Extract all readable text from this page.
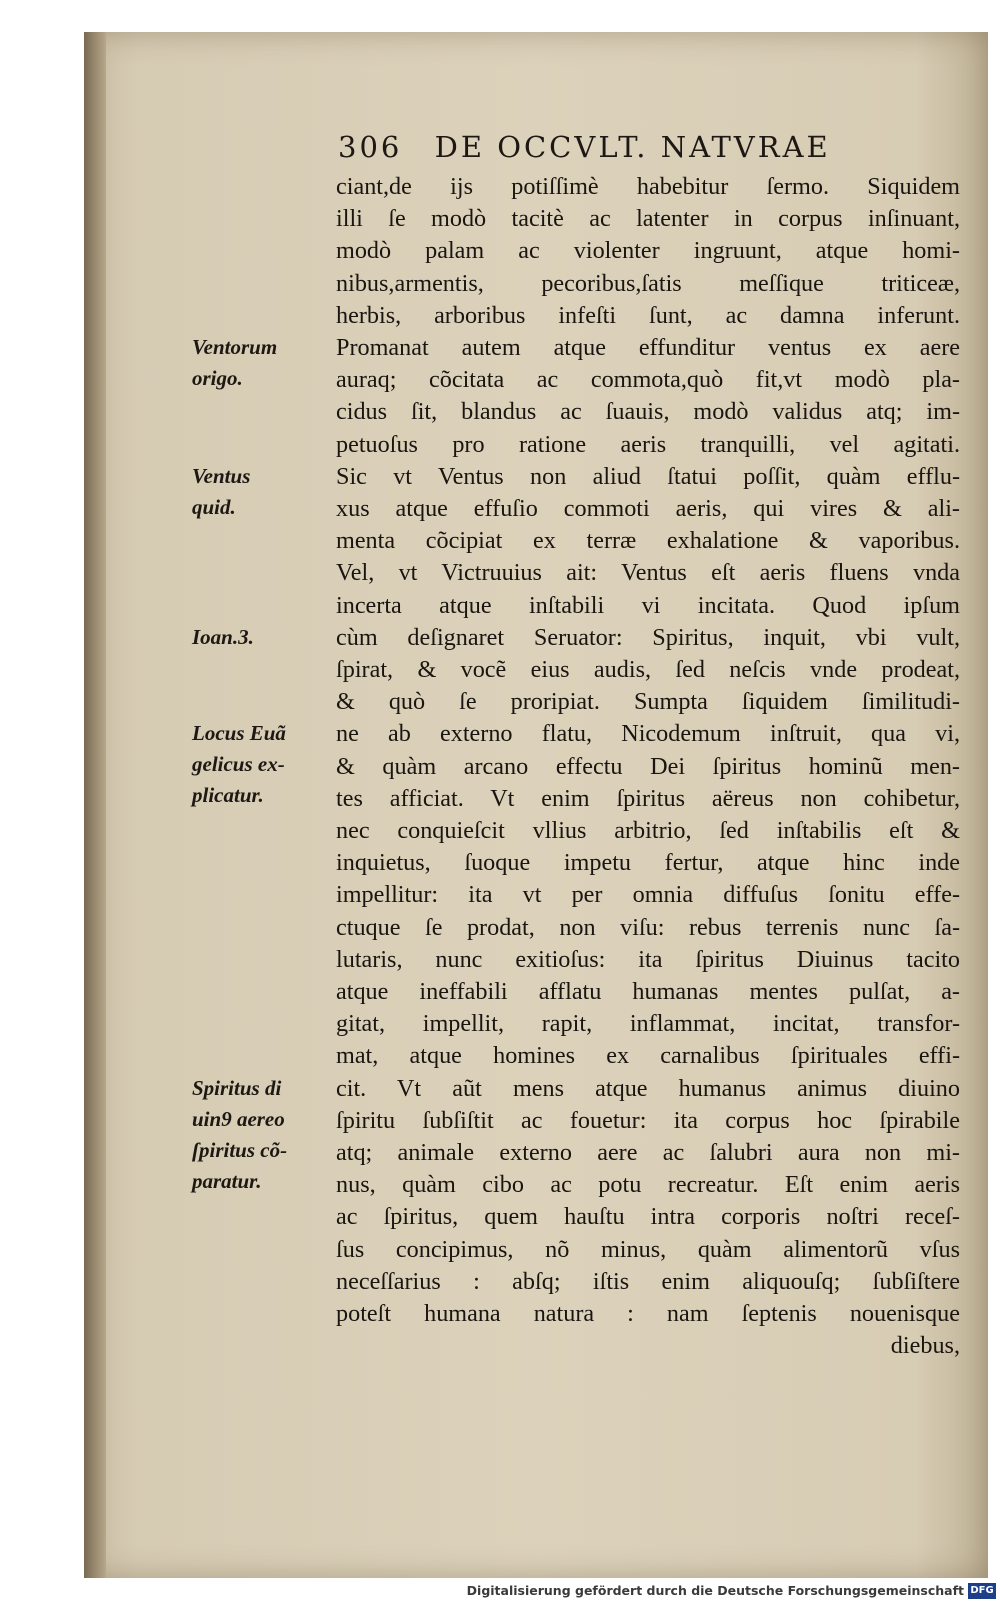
306 DE OCCVLT. NATVRAE
ciant,de ijs potiſſimè habebitur ſermo. Siquidem
illi ſe modò tacitè ac latenter in corpus inſinuant,
modò palam ac violenter ingruunt, atque homi-
nibus,armentis, pecoribus,ſatis meſſique triticeæ,
herbis, arboribus infeſti ſunt, ac damna inferunt.
Promanat autem atque effunditur ventus ex aere
auraq; cõcitata ac commota,quò fit,vt modò pla-
cidus ſit, blandus ac ſuauis, modò validus atq; im-
petuoſus pro ratione aeris tranquilli, vel agitati.
Sic vt Ventus non aliud ſtatui poſſit, quàm efflu-
xus atque effuſio commoti aeris, qui vires & ali-
menta cõcipiat ex terræ exhalatione & vaporibus.
Vel, vt Victruuius ait: Ventus eſt aeris fluens vnda
incerta atque inſtabili vi incitata. Quod ipſum
cùm deſignaret Seruator: Spiritus, inquit, vbi vult,
ſpirat, & vocẽ eius audis, ſed neſcis vnde prodeat,
& quò ſe proripiat. Sumpta ſiquidem ſimilitudi-
ne ab externo flatu, Nicodemum inſtruit, qua vi,
& quàm arcano effectu Dei ſpiritus hominũ men-
tes afficiat. Vt enim ſpiritus aëreus non cohibetur,
nec conquieſcit vllius arbitrio, ſed inſtabilis eſt &
inquietus, ſuoque impetu fertur, atque hinc inde
impellitur: ita vt per omnia diffuſus ſonitu effe-
ctuque ſe prodat, non viſu: rebus terrenis nunc ſa-
lutaris, nunc exitioſus: ita ſpiritus Diuinus tacito
atque ineffabili afflatu humanas mentes pulſat, a-
gitat, impellit, rapit, inflammat, incitat, transfor-
mat, atque homines ex carnalibus ſpirituales effi-
cit. Vt aũt mens atque humanus animus diuino
ſpiritu ſubſiſtit ac fouetur: ita corpus hoc ſpirabile
atq; animale externo aere ac ſalubri aura non mi-
nus, quàm cibo ac potu recreatur. Eſt enim aeris
ac ſpiritus, quem hauſtu intra corporis noſtri receſ-
ſus concipimus, nõ minus, quàm alimentorũ vſus
neceſſarius : abſq; iſtis enim aliquouſq; ſubſiſtere
poteſt humana natura : nam ſeptenis nouenisque
diebus,
Ventorum
origo.
Ventus
quid.
Ioan.3.
Locus Euã
gelicus ex-
plicatur.
Spiritus di
uin9 aereo
ſpiritus cõ-
paratur.
Digitalisierung gefördert durch die Deutsche Forschungsgemeinschaft DFG
